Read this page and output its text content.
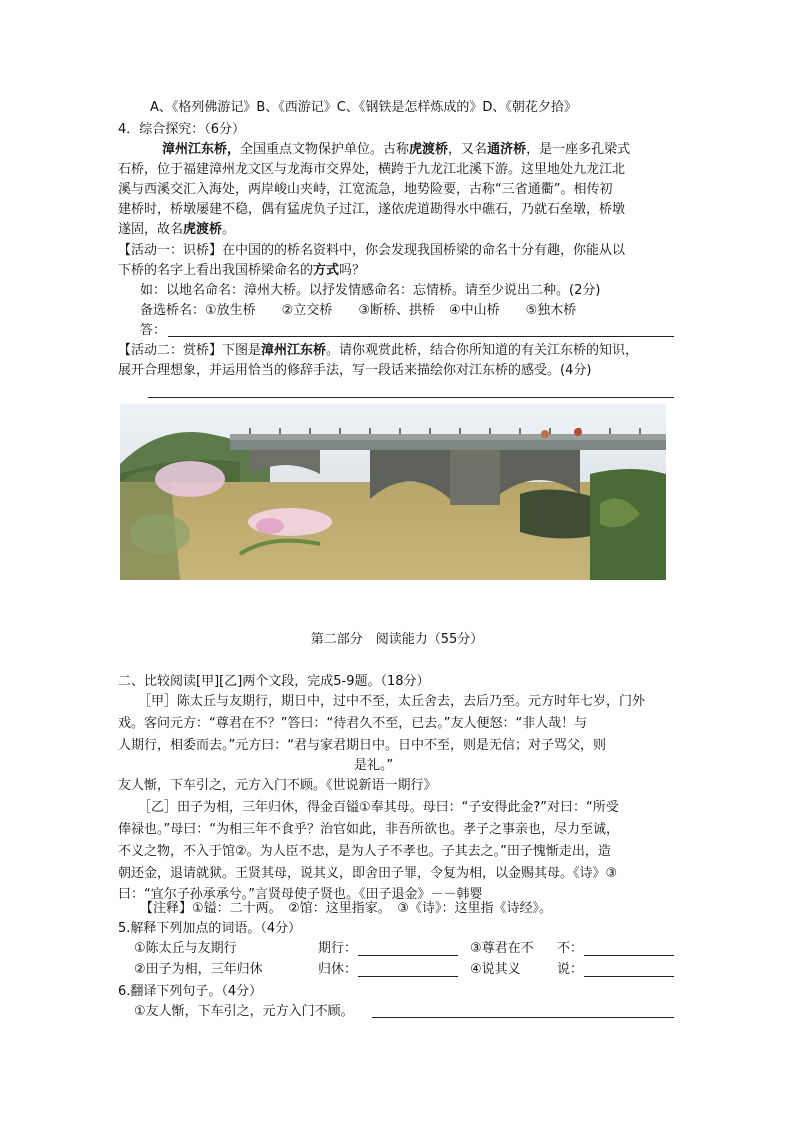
A、《格列佛游记》B、《西游记》C、《钢铁是怎样炼成的》D、《朝花夕拾》
4．综合探究：（6分）
漳州江东桥，全国重点文物保护单位。古称虎渡桥，又名通济桥，是一座多孔梁式
石桥，位于福建漳州龙文区与龙海市交界处，横跨于九龙江北溪下游。这里地处九龙江北
溪与西溪交汇入海处，两岸峻山夹峙，江宽流急，地势险要，古称“三省通衢”。相传初
建桥时，桥墩屡建不稳，偶有猛虎负子过江，遂依虎道勘得水中礁石，乃就石垒墩，桥墩
遂固，故名虎渡桥。
【活动一：识桥】在中国的的桥名资料中，你会发现我国桥梁的命名十分有趣，你能从以
下桥的名字上看出我国桥梁命名的方式吗？
如：以地名命名：漳州大桥。以抒发情感命名：忘情桥。请至少说出二种。(2分)
备选桥名：①放生桥 ②立交桥 ③断桥、拱桥 ④中山桥 ⑤独木桥
答：
【活动二：赏桥】下图是漳州江东桥。请你观赏此桥，结合你所知道的有关江东桥的知识，
展开合理想象，并运用恰当的修辞手法，写一段话来描绘你对江东桥的感受。(4分)
第二部分　阅读能力（55分）
二、比较阅读[甲][乙]两个文段，完成5-9题。（18分）
［甲］陈太丘与友期行，期日中，过中不至，太丘舍去，去后乃至。元方时年七岁，门外
戏。客问元方：“尊君在不？”答曰：“待君久不至，已去。”友人便怒：“非人哉！与
人期行，相委而去。”元方曰：“君与家君期日中。日中不至，则是无信；对子骂父，则
是礼。”
友人惭，下车引之，元方入门不顾。《世说新语一期行》
［乙］田子为相，三年归休，得金百镒①奉其母。母曰：“子安得此金?”对曰：“所受
俸禄也。”母曰：“为相三年不食乎？治官如此，非吾所欲也。孝子之事亲也，尽力至诚，
不义之物，不入于馆②。为人臣不忠，是为人子不孝也。子其去之。”田子愧惭走出，造
朝还金，退请就狱。王贤其母，说其义，即舍田子罪，令复为相，以金赐其母。《诗》③
曰：“宜尔子孙承承兮。”言贤母使子贤也。《田子退金》－－韩婴
【注释】①镒：二十两。　②馆：这里指家。　③《诗》：这里指《诗经》。
5.解释下列加点的词语。（4分）
①陈太丘与友期行	期行：	③尊君在不 不：
②田子为相，三年归休	归休：	④说其义	说：
6.翻译下列句子。（4分）
①友人惭，下车引之，元方入门不顾。
